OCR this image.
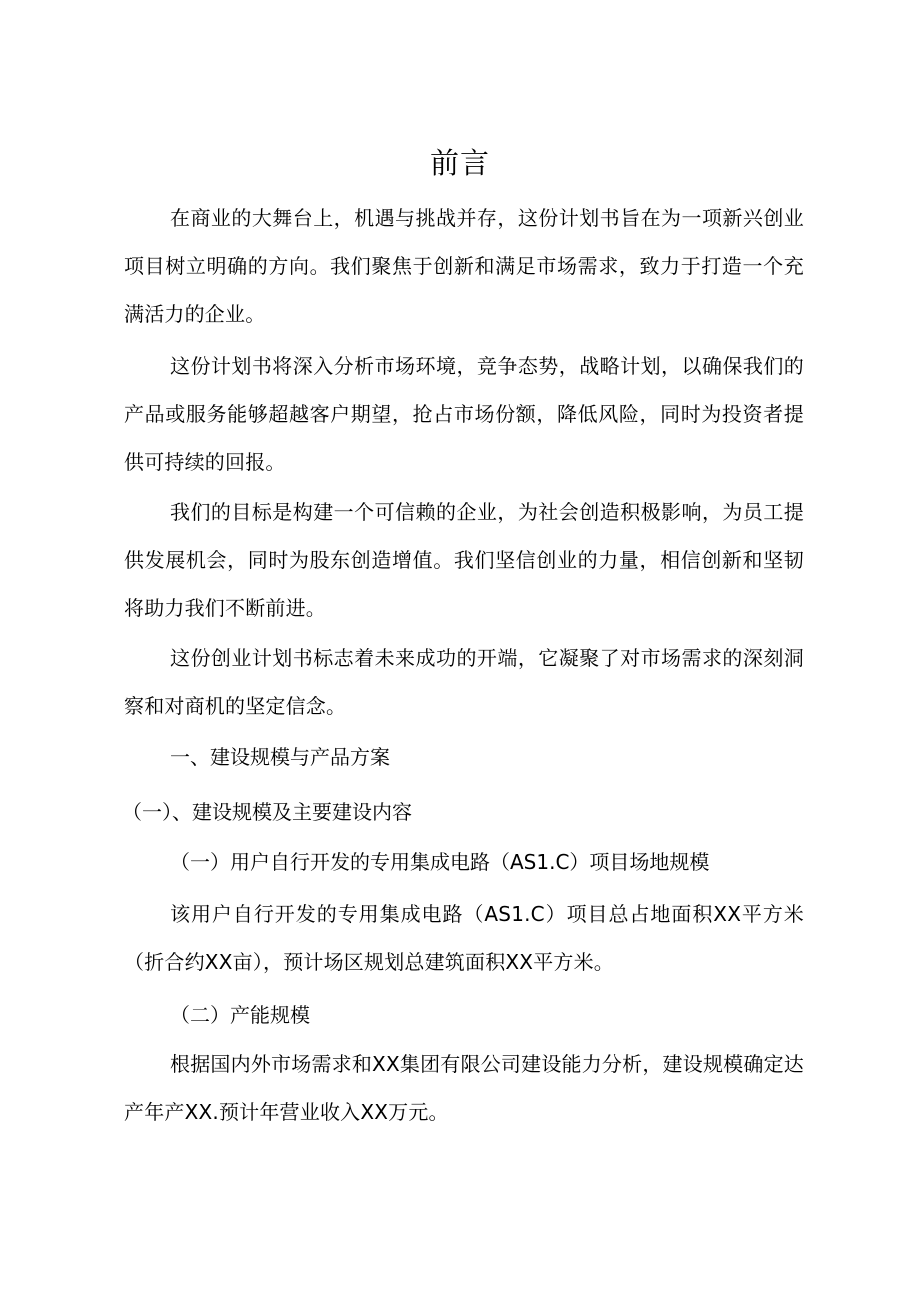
前言

在商业的大舞台上，机遇与挑战并存，这份计划书旨在为一项新兴创业项目树立明确的方向。我们聚焦于创新和满足市场需求，致力于打造一个充满活力的企业。

这份计划书将深入分析市场环境，竞争态势，战略计划，以确保我们的产品或服务能够超越客户期望，抢占市场份额，降低风险，同时为投资者提供可持续的回报。

我们的目标是构建一个可信赖的企业，为社会创造积极影响，为员工提供发展机会，同时为股东创造增值。我们坚信创业的力量，相信创新和坚韧将助力我们不断前进。

这份创业计划书标志着未来成功的开端，它凝聚了对市场需求的深刻洞察和对商机的坚定信念。

一、建设规模与产品方案
（一）、建设规模及主要建设内容
（一）用户自行开发的专用集成电路（AS1.C）项目场地规模

该用户自行开发的专用集成电路（AS1.C）项目总占地面积XX平方米（折合约XX亩），预计场区规划总建筑面积XX平方米。

（二）产能规模

根据国内外市场需求和XX集团有限公司建设能力分析，建设规模确定达产年产XX.预计年营业收入XX万元。
